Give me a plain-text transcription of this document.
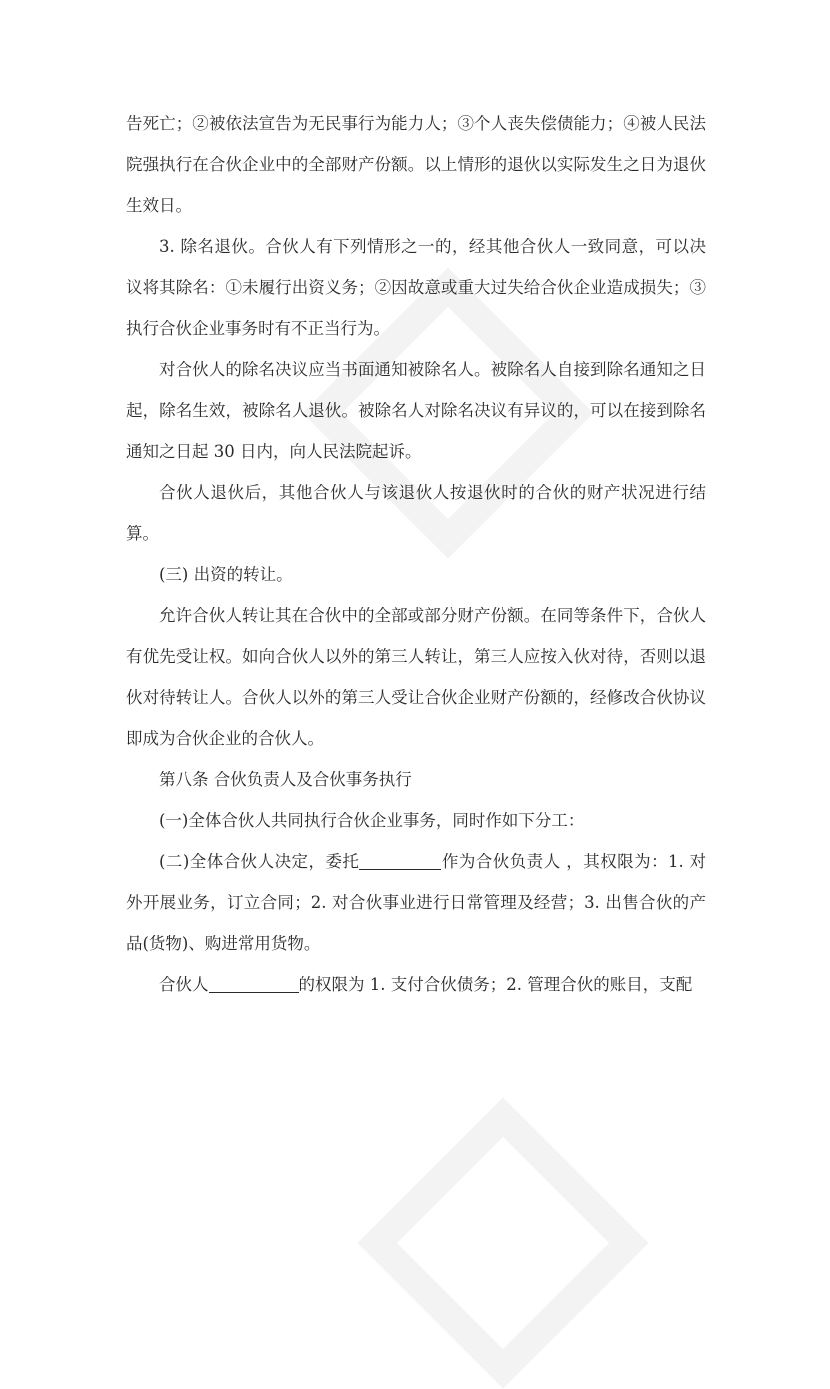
告死亡；②被依法宣告为无民事行为能力人；③个人丧失偿债能力；④被人民法院强执行在合伙企业中的全部财产份额。以上情形的退伙以实际发生之日为退伙生效日。

3. 除名退伙。合伙人有下列情形之一的，经其他合伙人一致同意，可以决议将其除名：①未履行出资义务；②因故意或重大过失给合伙企业造成损失；③执行合伙企业事务时有不正当行为。

对合伙人的除名决议应当书面通知被除名人。被除名人自接到除名通知之日起，除名生效，被除名人退伙。被除名人对除名决议有异议的，可以在接到除名通知之日起 30 日内，向人民法院起诉。

合伙人退伙后，其他合伙人与该退伙人按退伙时的合伙的财产状况进行结算。

(三) 出资的转让。

允许合伙人转让其在合伙中的全部或部分财产份额。在同等条件下，合伙人有优先受让权。如向合伙人以外的第三人转让，第三人应按入伙对待，否则以退伙对待转让人。合伙人以外的第三人受让合伙企业财产份额的，经修改合伙协议即成为合伙企业的合伙人。

第八条 合伙负责人及合伙事务执行

(一)全体合伙人共同执行合伙企业事务，同时作如下分工：

(二)全体合伙人决定，委托	作为合伙负责人 ，其权限为：1. 对外开展业务，订立合同；2. 对合伙事业进行日常管理及经营；3. 出售合伙的产品(货物)、购进常用货物。

合伙人	的权限为 1. 支付合伙债务；2. 管理合伙的账目，支配
